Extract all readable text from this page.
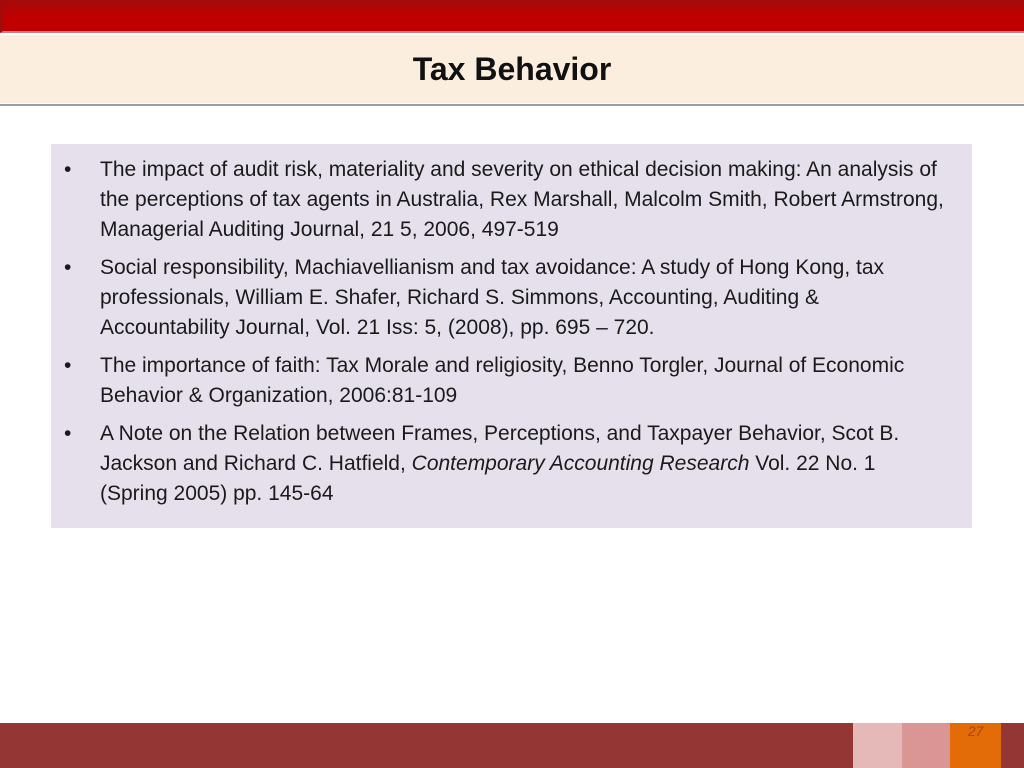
Tax Behavior
• The impact of audit risk, materiality and severity on ethical decision making: An analysis of the perceptions of tax agents in Australia, Rex Marshall, Malcolm Smith, Robert Armstrong, Managerial Auditing Journal, 21 5, 2006, 497-519
• Social responsibility, Machiavellianism and tax avoidance: A study of Hong Kong, tax professionals, William E. Shafer, Richard S. Simmons, Accounting, Auditing & Accountability Journal, Vol. 21 Iss: 5, (2008), pp. 695 – 720.
• The importance of faith: Tax Morale and religiosity, Benno Torgler, Journal of Economic Behavior & Organization, 2006:81-109
• A Note on the Relation between Frames, Perceptions, and Taxpayer Behavior, Scot B. Jackson and Richard C. Hatfield, Contemporary Accounting Research Vol. 22 No. 1 (Spring 2005) pp. 145-64
27
